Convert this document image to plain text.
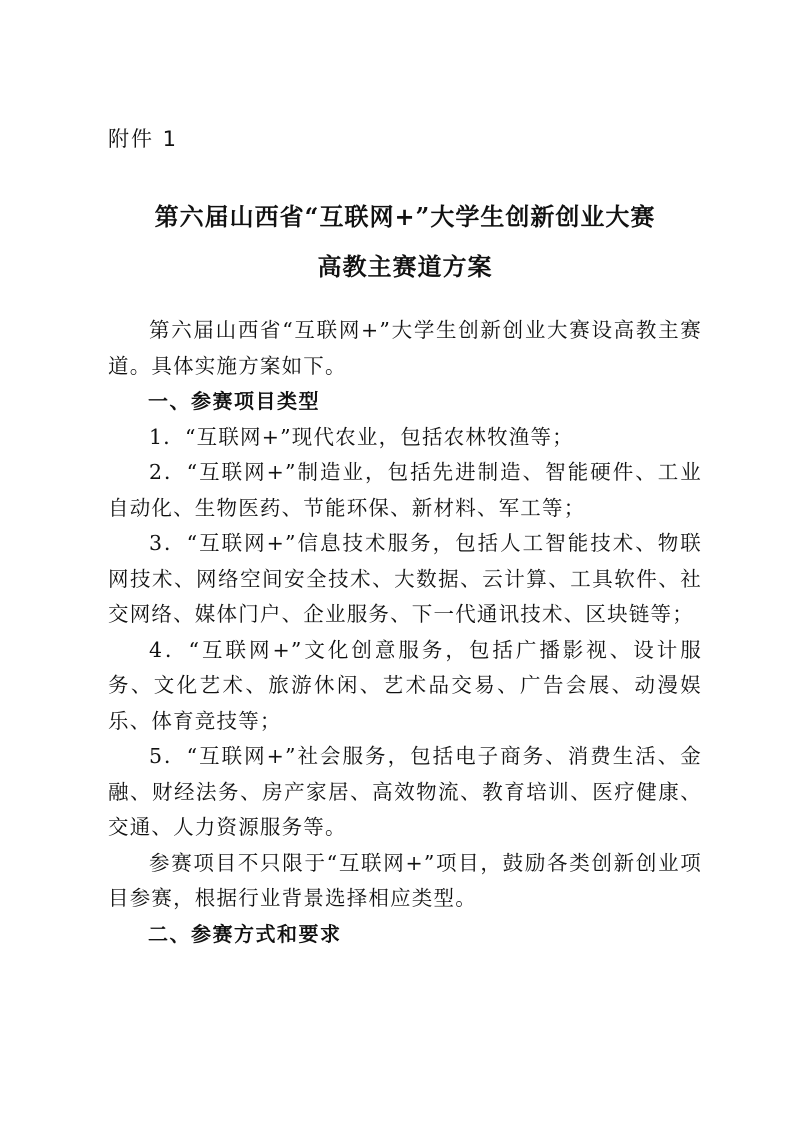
附件 1
第六届山西省“互联网+”大学生创新创业大赛
高教主赛道方案

第六届山西省“互联网+”大学生创新创业大赛设高教主赛道。具体实施方案如下。

一、参赛项目类型

1．“互联网+”现代农业，包括农林牧渔等；

2．“互联网+”制造业，包括先进制造、智能硬件、工业自动化、生物医药、节能环保、新材料、军工等；

3．“互联网+”信息技术服务，包括人工智能技术、物联网技术、网络空间安全技术、大数据、云计算、工具软件、社交网络、媒体门户、企业服务、下一代通讯技术、区块链等；

4．“互联网+”文化创意服务，包括广播影视、设计服务、文化艺术、旅游休闲、艺术品交易、广告会展、动漫娱乐、体育竞技等；

5．“互联网+”社会服务，包括电子商务、消费生活、金融、财经法务、房产家居、高效物流、教育培训、医疗健康、交通、人力资源服务等。

参赛项目不只限于“互联网+”项目，鼓励各类创新创业项目参赛，根据行业背景选择相应类型。

二、参赛方式和要求
